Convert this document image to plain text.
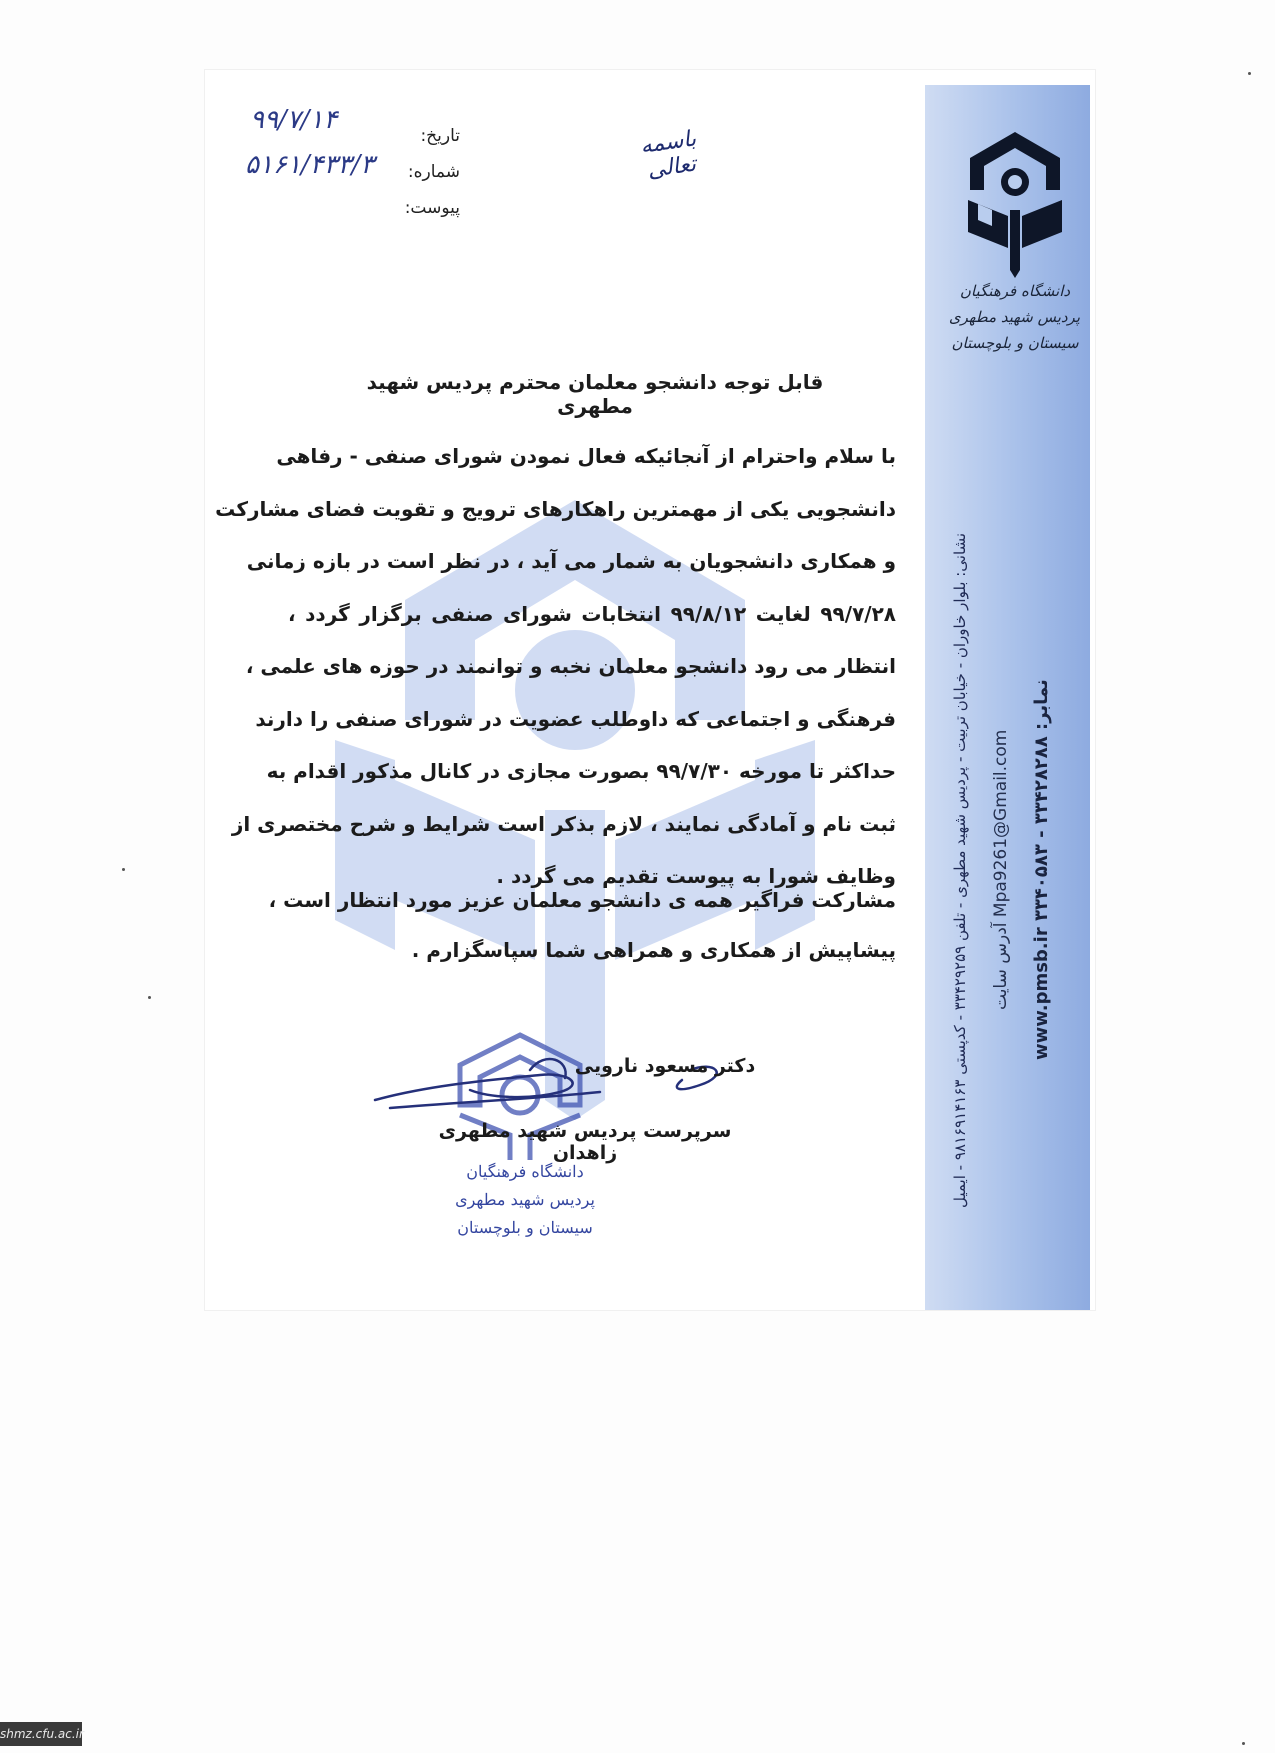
دانشگاه فرهنگیان
پردیس شهید مطهری
سیستان و بلوچستان
نشانی: بلوار خاوران - خیابان تربیت - پردیس شهید مطهری - تلفن ۳۳۴۲۹۲۵۹ - کدپستی ۹۸۱۶۹۱۴۱۶۳ - ایمیل
آدرس سایت Mpa9261@Gmail.com	www.pmsb.ir ۳۳۴۰۵۸۳ - نمابر: ۳۳۴۲۸۲۸۸
تاریخ:
شماره:
پیوست:
۹۹/۷/۱۴
۵۱۶۱/۴۳۳/۳
باسمه تعالی
قابل توجه دانشجو معلمان محترم پردیس شهید مطهری
با سلام واحترام از آنجائیکه فعال نمودن شورای صنفی - رفاهی
دانشجویی یکی از مهمترین راهکارهای ترویج و تقویت فضای مشارکت
و همکاری دانشجویان به شمار می آید ، در نظر است در بازه زمانی
۹۹/۷/۲۸ لغایت ۹۹/۸/۱۲ انتخابات شورای صنفی برگزار گردد ،
انتظار می رود دانشجو معلمان نخبه و توانمند در حوزه های علمی ،
فرهنگی و اجتماعی که داوطلب عضویت در شورای صنفی را دارند
حداکثر تا مورخه ۹۹/۷/۳۰ بصورت مجازی در کانال مذکور اقدام به
ثبت نام و آمادگی نمایند ، لازم بذکر است شرایط و شرح مختصری از
وظایف شورا به پیوست تقدیم می گردد .
مشارکت فراگیر همه ی دانشجو معلمان عزیز مورد انتظار است ،
پیشاپیش از همکاری و همراهی شما سپاسگزارم .
دکتر مسعود نارویی
سرپرست پردیس شهید مطهری زاهدان
دانشگاه فرهنگیان
پردیس شهید مطهری
سیستان و بلوچستان
shmz.cfu.ac.ir
